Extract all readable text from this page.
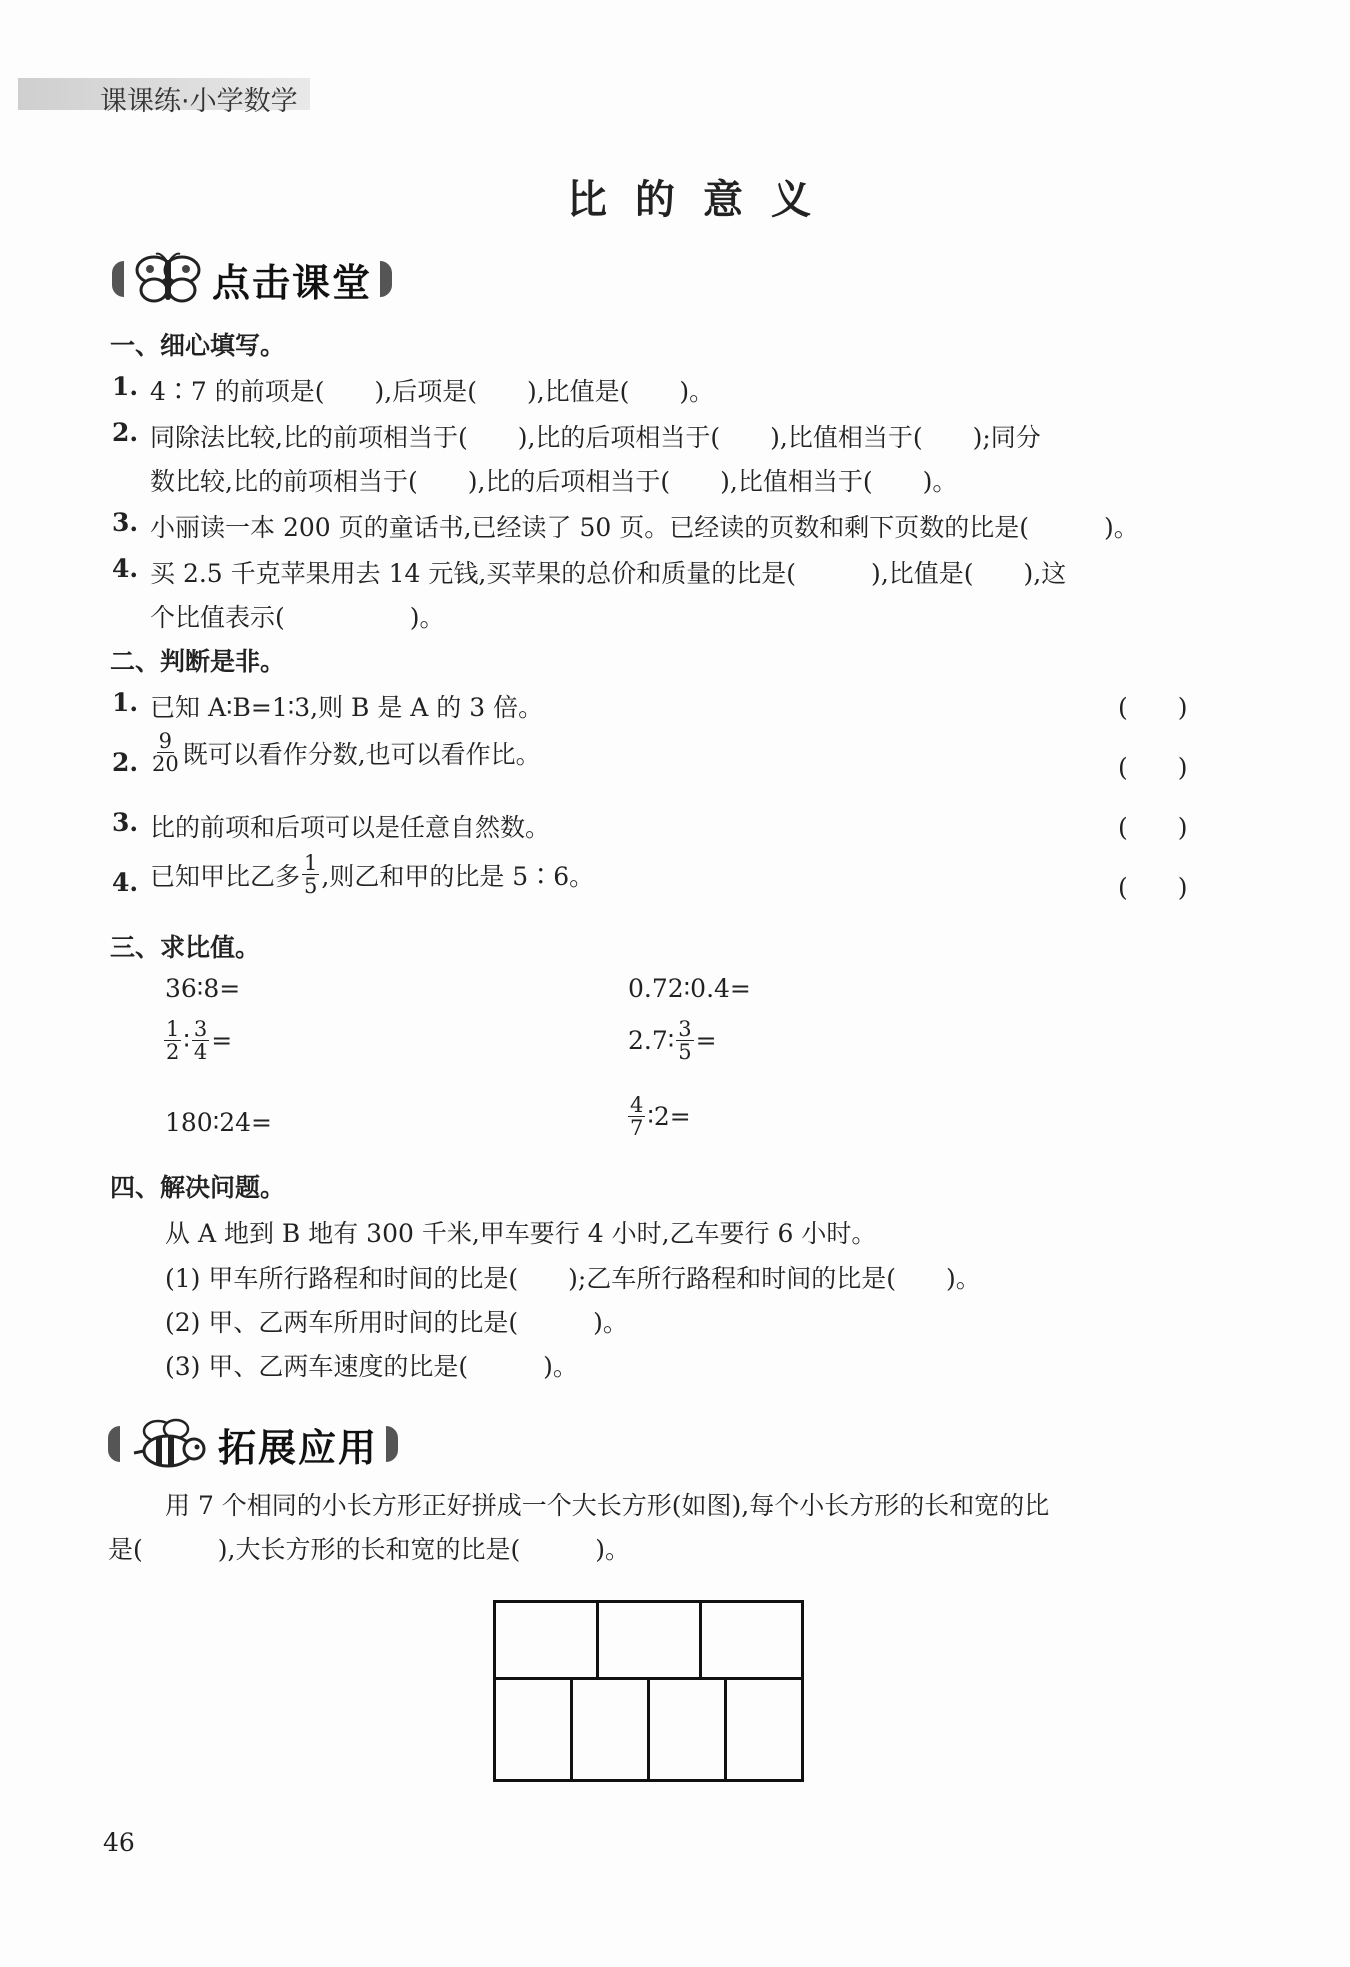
课课练·小学数学
比的意义
点击课堂
一、细心填写。
1. 4∶7 的前项是(　　),后项是(　　),比值是(　　)。
2. 同除法比较,比的前项相当于(　　),比的后项相当于(　　),比值相当于(　　);同分
数比较,比的前项相当于(　　),比的后项相当于(　　),比值相当于(　　)。
3. 小丽读一本 200 页的童话书,已经读了 50 页。已经读的页数和剩下页数的比是(　　　)。
4. 买 2.5 千克苹果用去 14 元钱,买苹果的总价和质量的比是(　　　),比值是(　　),这
个比值表示(　　　　　)。
二、判断是非。
1. 已知 A∶B=1∶3,则 B 是 A 的 3 倍。	(　　)
2. $\frac{9}{20}$ 既可以看作分数,也可以看作比。	(　　)
3. 比的前项和后项可以是任意自然数。	(　　)
4. 已知甲比乙多 $\frac{1}{5}$ ,则乙和甲的比是 5∶6。	(　　)
三、求比值。
36∶8=	0.72∶0.4=
$\frac{1}{2}$ ∶ $\frac{3}{4}$ =	2.7∶ $\frac{3}{5}$ =
180∶24=	$\frac{4}{7}$ ∶2=
四、解决问题。
从 A 地到 B 地有 300 千米,甲车要行 4 小时,乙车要行 6 小时。
(1) 甲车所行路程和时间的比是(　　);乙车所行路程和时间的比是(　　)。
(2) 甲、乙两车所用时间的比是(　　　)。
(3) 甲、乙两车速度的比是(　　　)。
拓展应用
用 7 个相同的小长方形正好拼成一个大长方形(如图),每个小长方形的长和宽的比
是(　　　),大长方形的长和宽的比是(　　　)。
46
